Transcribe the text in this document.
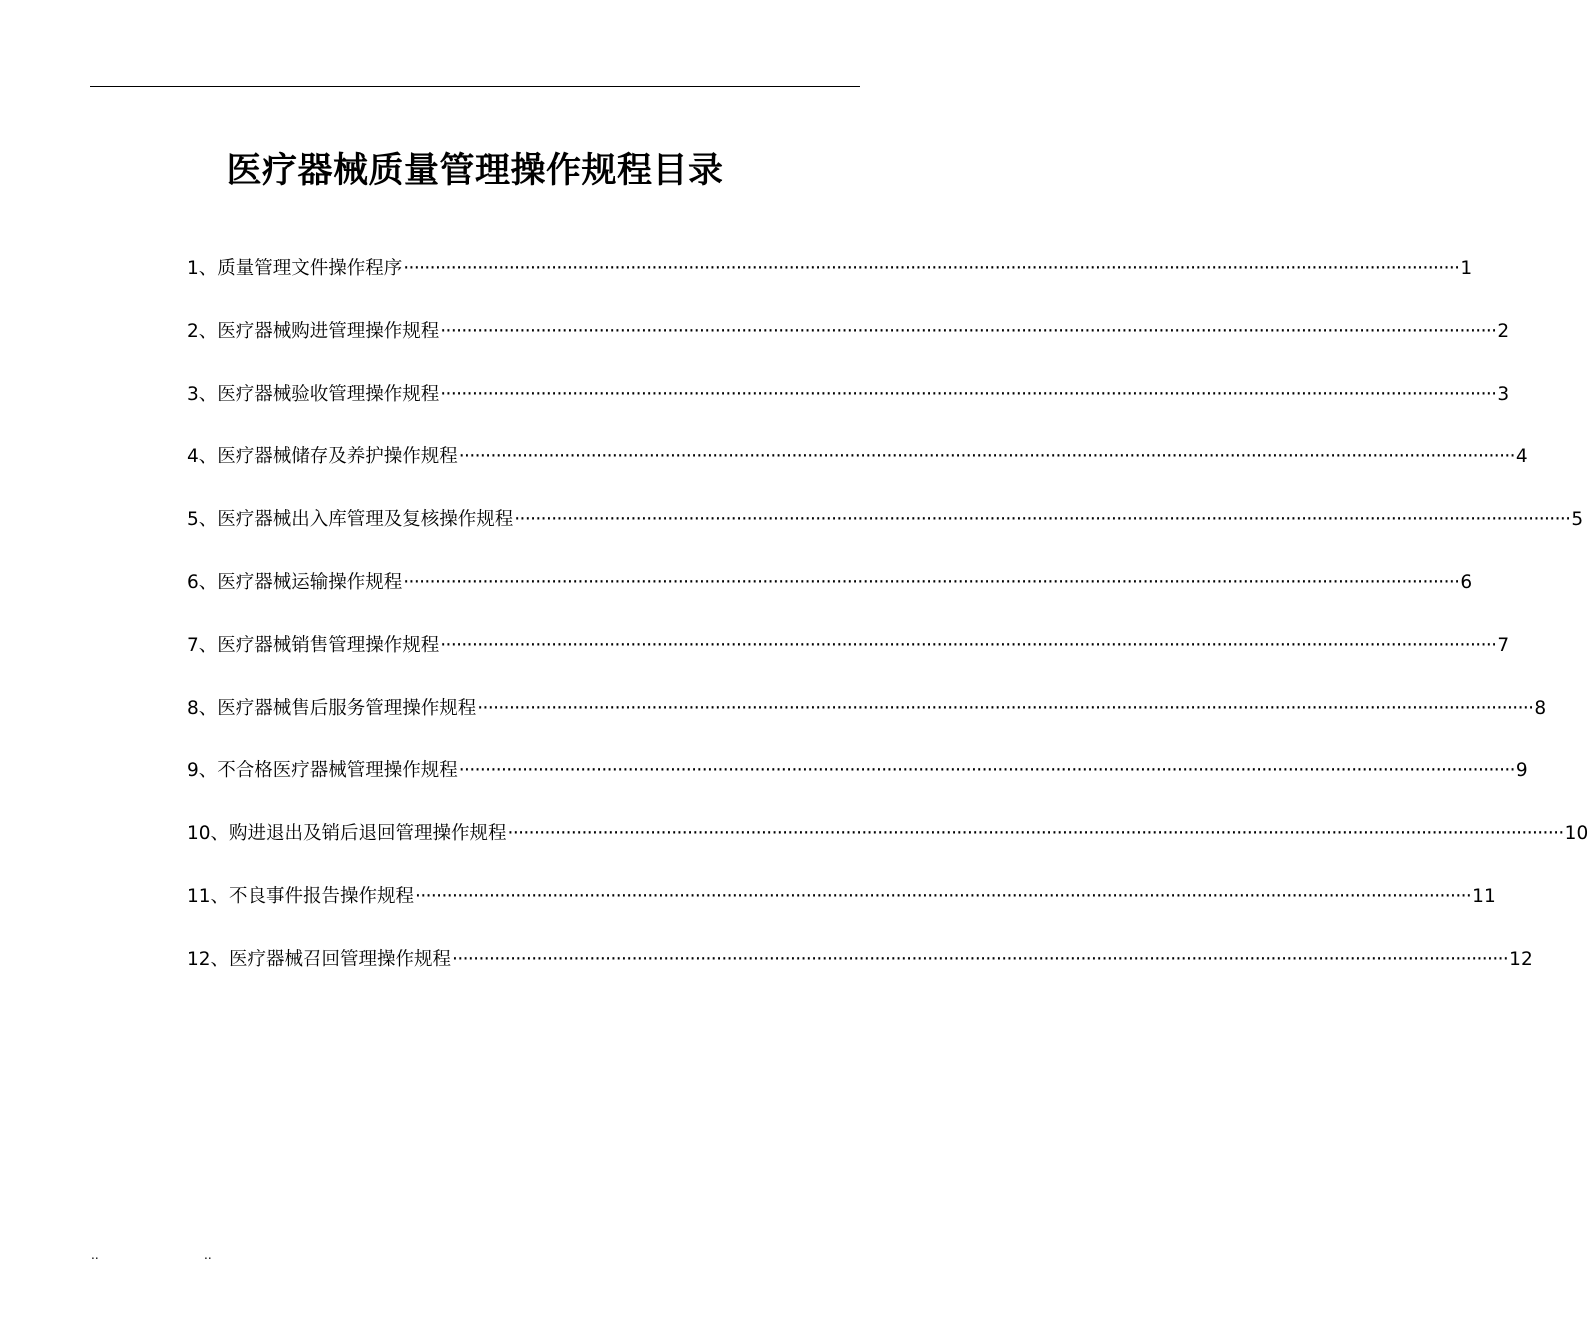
医疗器械质量管理操作规程目录
1、质量管理文件操作程序 ········································································································································································································ 1
2、医疗器械购进管理操作规程 ········································································································································································································ 2
3、医疗器械验收管理操作规程 ········································································································································································································ 3
4、医疗器械储存及养护操作规程 ········································································································································································································ 4
5、医疗器械出入库管理及复核操作规程 ········································································································································································································ 5
6、医疗器械运输操作规程 ········································································································································································································ 6
7、医疗器械销售管理操作规程 ········································································································································································································ 7
8、医疗器械售后服务管理操作规程 ········································································································································································································ 8
9、不合格医疗器械管理操作规程 ········································································································································································································ 9
10、购进退出及销后退回管理操作规程 ········································································································································································································ 10
11、不良事件报告操作规程 ········································································································································································································ 11
12、医疗器械召回管理操作规程 ········································································································································································································ 12
..	..
